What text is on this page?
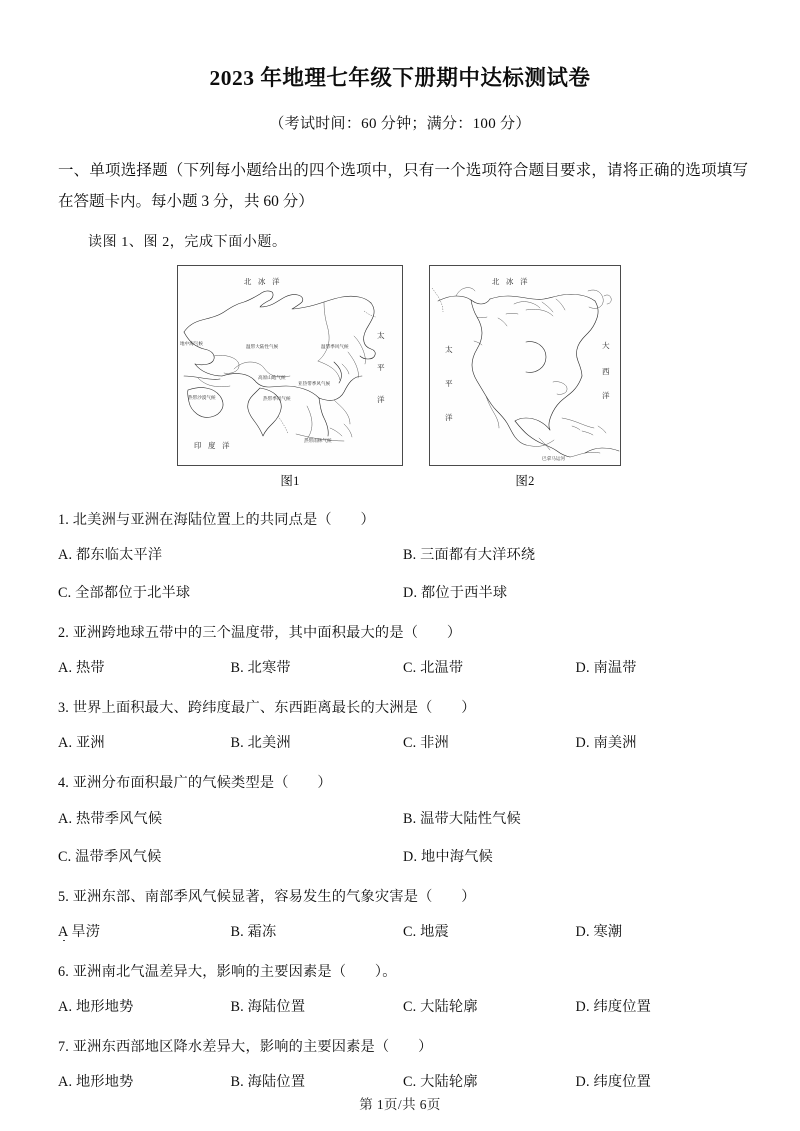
2023 年地理七年级下册期中达标测试卷
（考试时间：60 分钟；满分：100 分）
一、单项选择题（下列每小题给出的四个选项中，只有一个选项符合题目要求，请将正确的选项填写在答题卡内。每小题 3 分，共 60 分）
读图 1、图 2，完成下面小题。
北 冰 洋
太
平
洋
印 度 洋
地中海气候
温带大陆性气候	温带季风气候
高原山地气候
亚热带季风气候
热带沙漠气候	热带季风气候
热带雨林气候
图1
北 冰 洋
太
平
洋
大
西
洋
巴拿马运河
图2
1. 北美洲与亚洲在海陆位置上的共同点是（　　）
A. 都东临太平洋	B. 三面都有大洋环绕
C. 全部都位于北半球	D. 都位于西半球
2. 亚洲跨地球五带中的三个温度带，其中面积最大的是（　　）
A. 热带	B. 北寒带	C. 北温带	D. 南温带
3. 世界上面积最大、跨纬度最广、东西距离最长的大洲是（　　）
A. 亚洲	B. 北美洲	C. 非洲	D. 南美洲
4. 亚洲分布面积最广的气候类型是（　　）
A. 热带季风气候	B. 温带大陆性气候
C. 温带季风气候	D. 地中海气候
5. 亚洲东部、南部季风气候显著，容易发生的气象灾害是（　　）
A 旱涝	B. 霜冻	C. 地震	D. 寒潮
6. 亚洲南北气温差异大，影响的主要因素是（　　）。
A. 地形地势	B. 海陆位置	C. 大陆轮廓	D. 纬度位置
7. 亚洲东西部地区降水差异大，影响的主要因素是（　　）
A. 地形地势	B. 海陆位置	C. 大陆轮廓	D. 纬度位置
第 1页/共 6页
